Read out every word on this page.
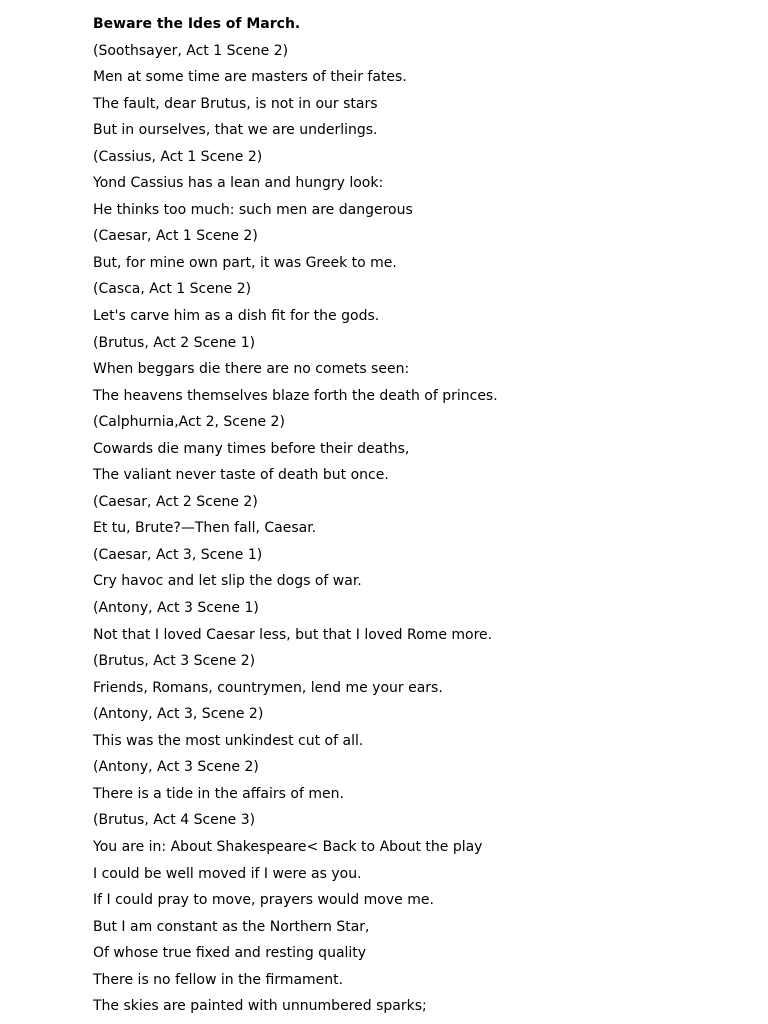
Beware the Ides of March.
(Soothsayer, Act 1 Scene 2)
Men at some time are masters of their fates.
The fault, dear Brutus, is not in our stars
But in ourselves, that we are underlings.
(Cassius, Act 1 Scene 2)
Yond Cassius has a lean and hungry look:
He thinks too much: such men are dangerous
(Caesar, Act 1 Scene 2)
But, for mine own part, it was Greek to me.
(Casca, Act 1 Scene 2)
Let's carve him as a dish fit for the gods.
(Brutus, Act 2 Scene 1)
When beggars die there are no comets seen:
The heavens themselves blaze forth the death of princes.
(Calphurnia,Act 2, Scene 2)
Cowards die many times before their deaths,
The valiant never taste of death but once.
(Caesar, Act 2 Scene 2)
Et tu, Brute?—Then fall, Caesar.
(Caesar, Act 3, Scene 1)
Cry havoc and let slip the dogs of war.
(Antony, Act 3 Scene 1)
Not that I loved Caesar less, but that I loved Rome more.
(Brutus, Act 3 Scene 2)
Friends, Romans, countrymen, lend me your ears.
(Antony, Act 3, Scene 2)
This was the most unkindest cut of all.
(Antony, Act 3 Scene 2)
There is a tide in the affairs of men.
(Brutus, Act 4 Scene 3)
You are in: About Shakespeare< Back to About the play
I could be well moved if I were as you.
If I could pray to move, prayers would move me.
But I am constant as the Northern Star,
Of whose true fixed and resting quality
There is no fellow in the firmament.
The skies are painted with unnumbered sparks;
